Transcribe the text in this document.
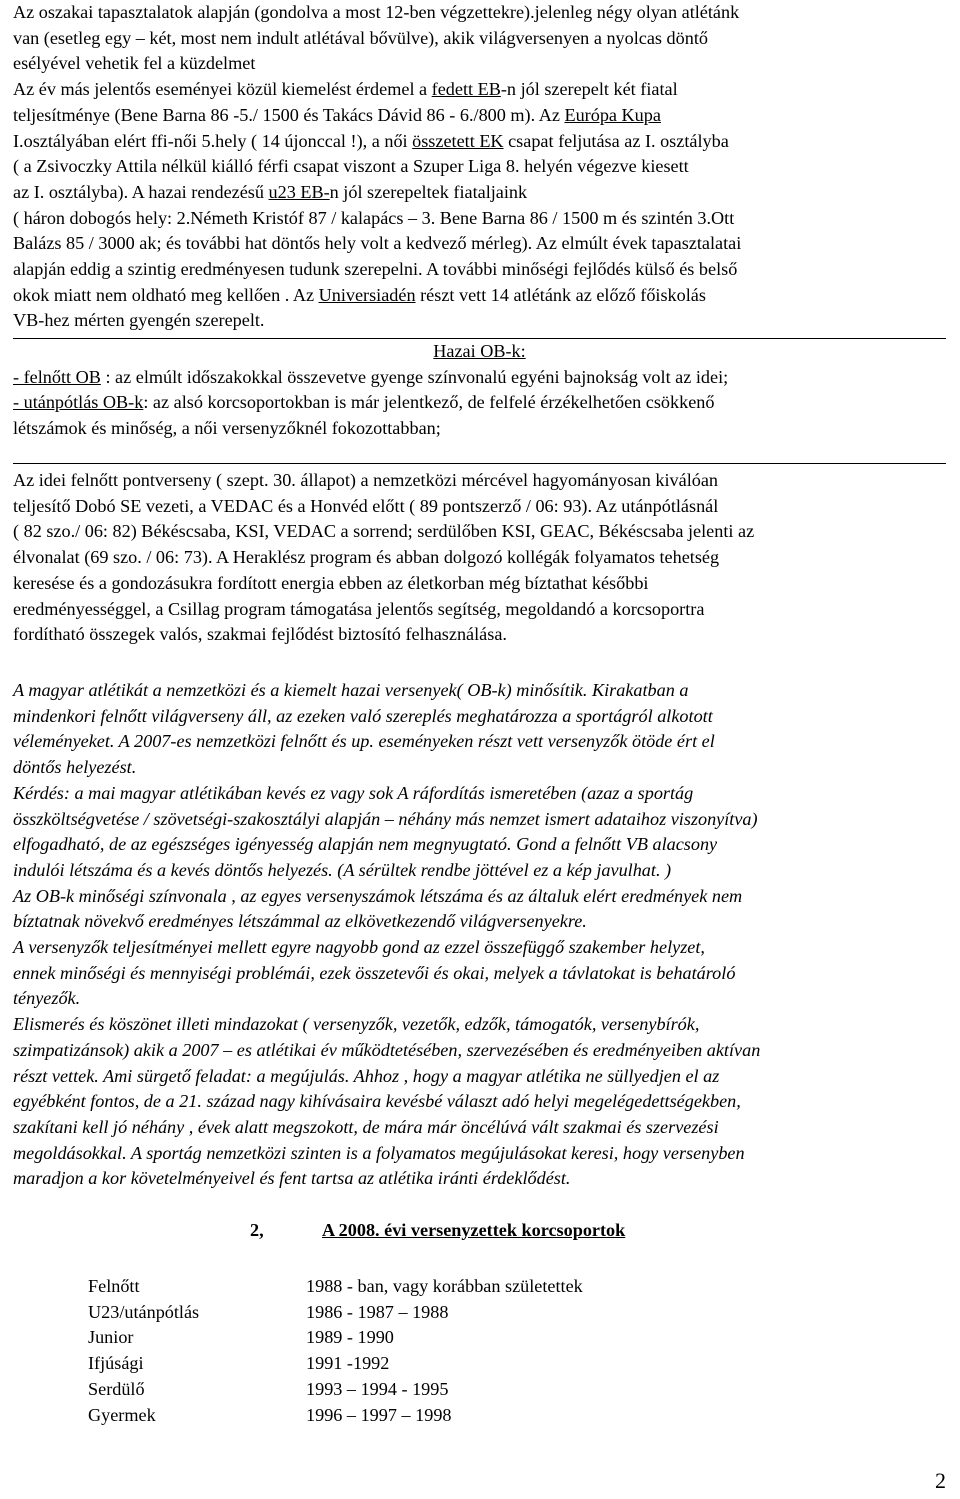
Az oszakai tapasztalatok alapján (gondolva a most 12-ben végzettekre).jelenleg négy olyan atlétánk
van (esetleg egy – két, most nem indult atlétával bővülve), akik világversenyen a nyolcas döntő
esélyével vehetik fel a küzdelmet
Az év más jelentős eseményei közül kiemelést érdemel a fedett EB-n jól szerepelt két fiatal
teljesítménye (Bene Barna 86 -5./ 1500 és Takács Dávid 86 - 6./800 m). Az Európa Kupa
I.osztályában elért ffi-női 5.hely ( 14 újonccal !), a női összetett EK csapat feljutása az I. osztályba
( a Zsivoczky Attila nélkül kiálló férfi csapat viszont a Szuper Liga 8. helyén végezve kiesett
az I. osztályba). A hazai rendezésű u23 EB-n jól szerepeltek fiataljaink
( háron dobogós hely: 2.Németh Kristóf 87 / kalapács – 3. Bene Barna 86 / 1500 m és szintén 3.Ott
Balázs 85 / 3000 ak; és további hat döntős hely volt a kedvező mérleg). Az elmúlt évek tapasztalatai
alapján eddig a szintig eredményesen tudunk szerepelni. A további minőségi fejlődés külső és belső
okok miatt nem oldható meg kellően . Az Universiadén részt vett 14 atlétánk az előző főiskolás
VB-hez mérten gyengén szerepelt.

Hazai OB-k:
- felnőtt OB : az elmúlt időszakokkal összevetve gyenge színvonalú egyéni bajnokság volt az idei;
- utánpótlás OB-k: az alsó korcsoportokban is már jelentkező, de felfelé érzékelhetően csökkenő
létszámok és minőség, a női versenyzőknél fokozottabban;

Az idei felnőtt pontverseny ( szept. 30. állapot) a nemzetközi mércével hagyományosan kiválóan
teljesítő Dobó SE vezeti, a VEDAC és a Honvéd előtt ( 89 pontszerző / 06: 93). Az utánpótlásnál
( 82 szo./ 06: 82) Békéscsaba, KSI, VEDAC a sorrend; serdülőben KSI, GEAC, Békéscsaba jelenti az
élvonalat (69 szo. / 06: 73). A Heraklész program és abban dolgozó kollégák folyamatos tehetség
keresése és a gondozásukra fordított energia ebben az életkorban még bíztathat későbbi
eredményességgel, a Csillag program támogatása jelentős segítség, megoldandó a korcsoportra
fordítható összegek valós, szakmai fejlődést biztosító felhasználása.

A magyar atlétikát a nemzetközi és a kiemelt hazai versenyek( OB-k) minősítik. Kirakatban a
mindenkori felnőtt világverseny áll, az ezeken való szereplés meghatározza a sportágról alkotott
véleményeket. A 2007-es nemzetközi felnőtt és up. eseményeken részt vett versenyzők ötöde ért el
döntős helyezést.
Kérdés: a mai magyar atlétikában kevés ez vagy sok A ráfordítás ismeretében (azaz a sportág
összköltségvetése / szövetségi-szakosztályi alapján – néhány más nemzet ismert adataihoz viszonyítva)
elfogadható, de az egészséges igényesség alapján nem megnyugtató. Gond a felnőtt VB alacsony
indulói létszáma és a kevés döntős helyezés. (A sérültek rendbe jöttével ez a kép javulhat. )
Az OB-k minőségi színvonala , az egyes versenyszámok létszáma és az általuk elért eredmények nem
bíztatnak növekvő eredményes létszámmal az elkövetkezendő világversenyekre.
A versenyzők teljesítményei mellett egyre nagyobb gond az ezzel összefüggő szakember helyzet,
ennek minőségi és mennyiségi problémái, ezek összetevői és okai, melyek a távlatokat is behatároló
tényezők.
Elismerés és köszönet illeti mindazokat ( versenyzők, vezetők, edzők, támogatók, versenybírók,
szimpatizánsok) akik a 2007 – es atlétikai év működtetésében, szervezésében és eredményeiben aktívan
részt vettek. Ami sürgető feladat: a megújulás. Ahhoz , hogy a magyar atlétika ne süllyedjen el az
egyébként fontos, de a 21. század nagy kihívásaira kevésbé választ adó helyi megelégedettségekben,
szakítani kell jó néhány , évek alatt megszokott, de mára már öncélúvá vált szakmai és szervezési
megoldásokkal. A sportág nemzetközi szinten is a folyamatos megújulásokat keresi, hogy versenyben
maradjon a kor követelményeivel és fent tartsa az atlétika iránti érdeklődést.

2,	A 2008. évi versenyzettek korcsoportok
Felnőtt	1988 - ban, vagy korábban születettek
U23/utánpótlás	1986 - 1987 – 1988
Junior	1989 - 1990
Ifjúsági	1991 -1992
Serdülő	1993 – 1994 - 1995
Gyermek	1996 – 1997 – 1998
2
